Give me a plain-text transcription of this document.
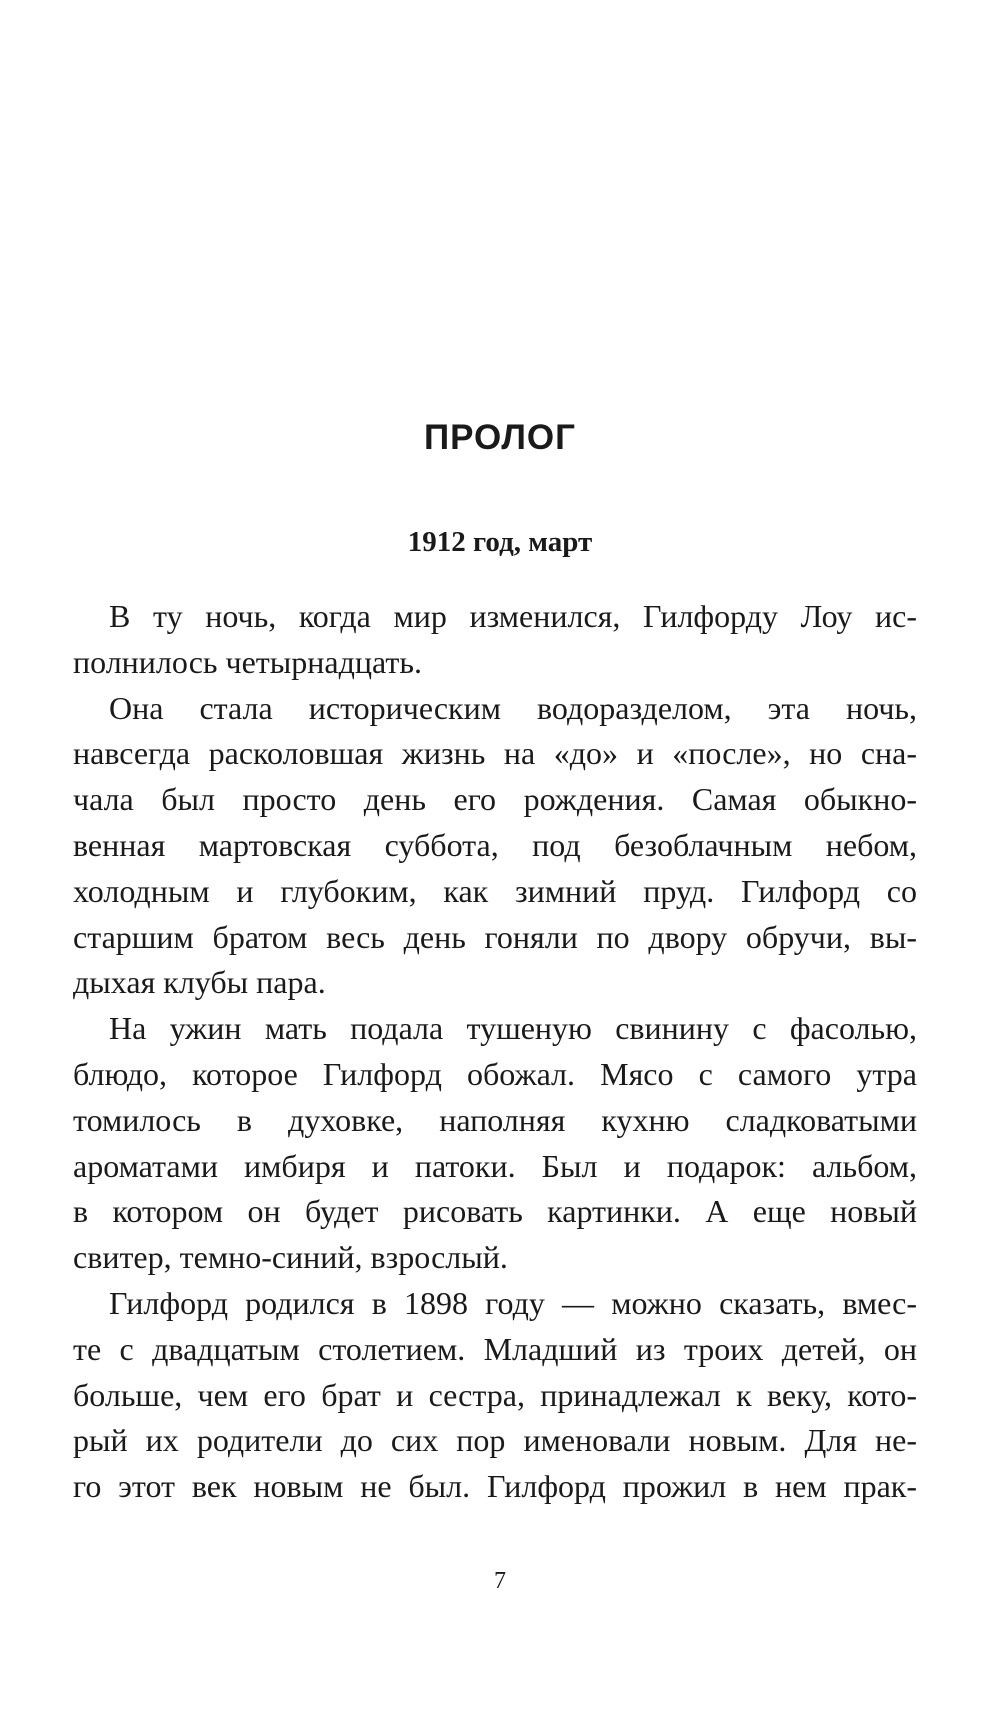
ПРОЛОГ
1912 год, март
В ту ночь, когда мир изменился, Гилфорду Лоу ис-
полнилось четырнадцать.
Она стала историческим водоразделом, эта ночь,
навсегда расколовшая жизнь на «до» и «после», но сна-
чала был просто день его рождения. Самая обыкно-
венная мартовская суббота, под безоблачным небом,
холодным и глубоким, как зимний пруд. Гилфорд со
старшим братом весь день гоняли по двору обручи, вы-
дыхая клубы пара.
На ужин мать подала тушеную свинину с фасолью,
блюдо, которое Гилфорд обожал. Мясо с самого утра
томилось в духовке, наполняя кухню сладковатыми
ароматами имбиря и патоки. Был и подарок: альбом,
в котором он будет рисовать картинки. А еще новый
свитер, темно-синий, взрослый.
Гилфорд родился в 1898 году — можно сказать, вмес-
те с двадцатым столетием. Младший из троих детей, он
больше, чем его брат и сестра, принадлежал к веку, кото-
рый их родители до сих пор именовали новым. Для не-
го этот век новым не был. Гилфорд прожил в нем прак-
7
